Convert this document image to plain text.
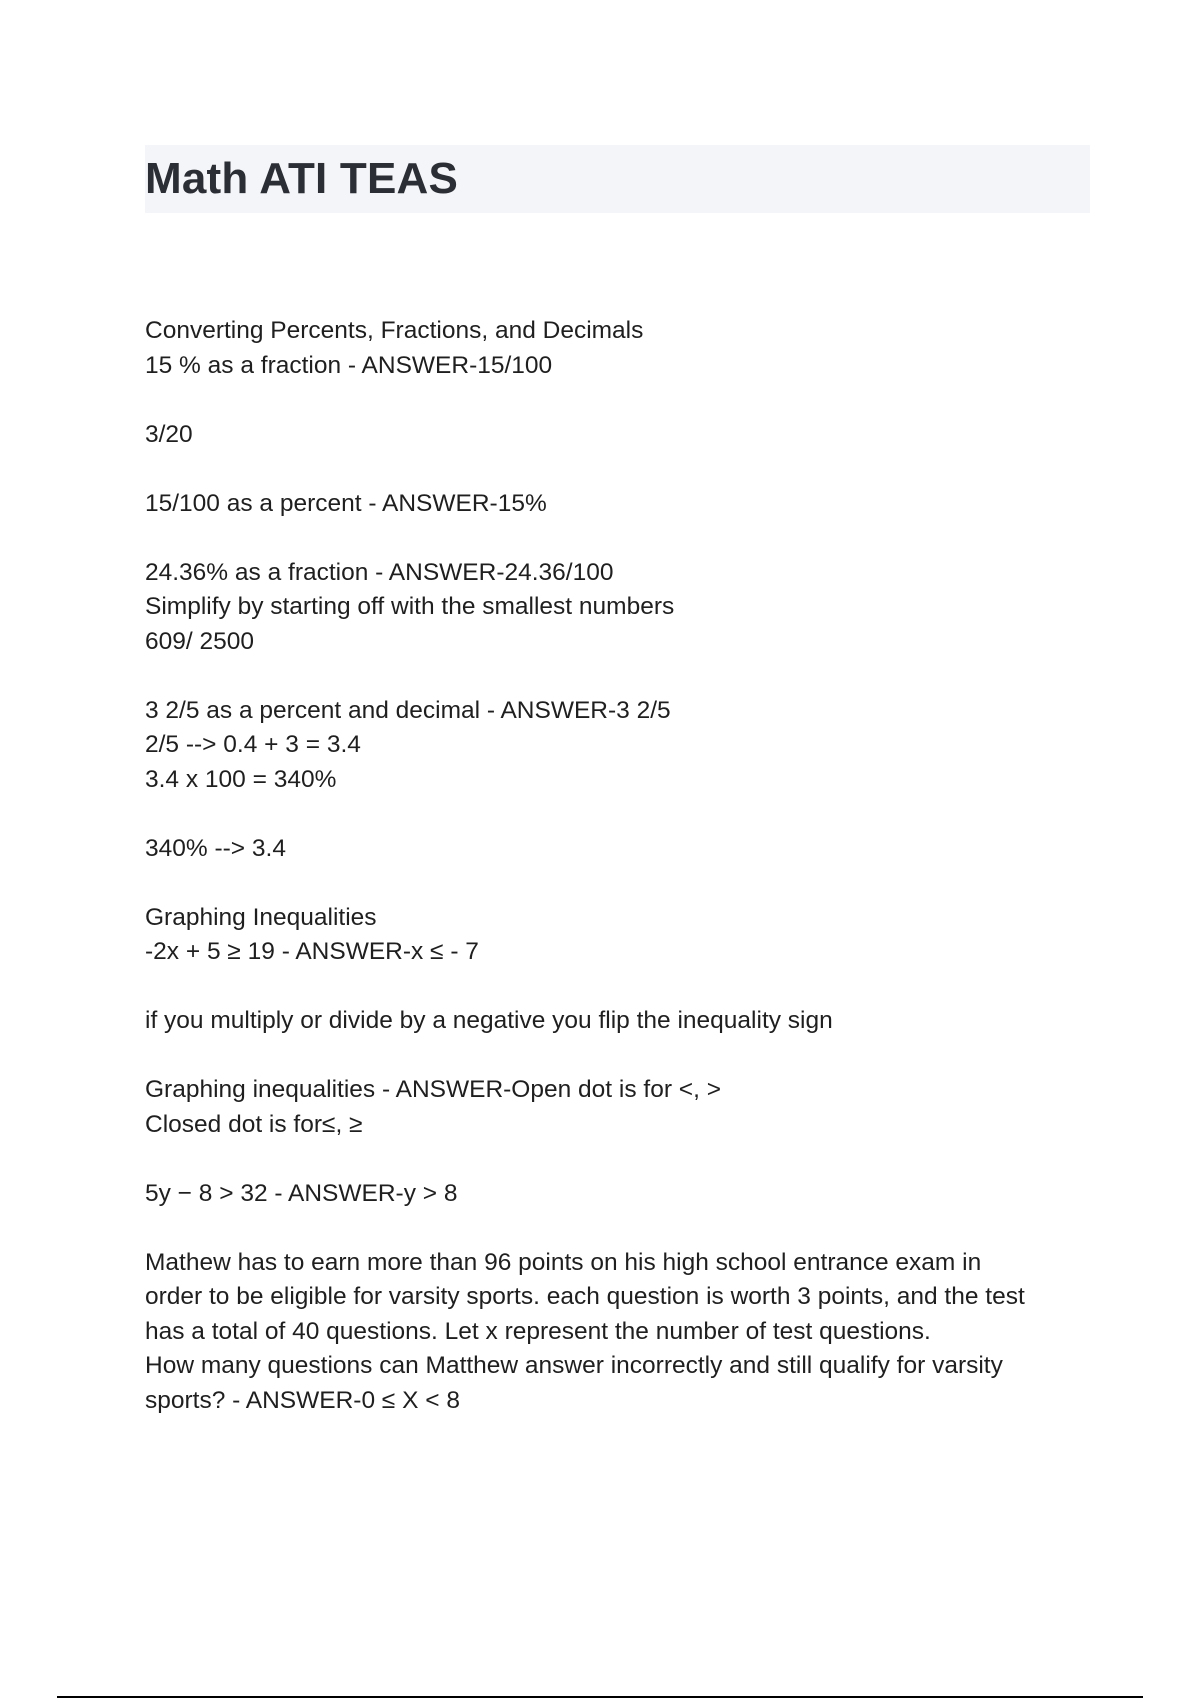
Math ATI TEAS
Converting Percents, Fractions, and Decimals
15 % as a fraction - ANSWER-15/100
3/20
15/100 as a percent - ANSWER-15%
24.36% as a fraction - ANSWER-24.36/100
Simplify by starting off with the smallest numbers
609/ 2500
3 2/5 as a percent and decimal - ANSWER-3 2/5
2/5 --> 0.4 + 3 = 3.4
3.4 x 100 = 340%
340% --> 3.4
Graphing Inequalities
-2x + 5 ≥ 19 - ANSWER-x ≤ - 7
if you multiply or divide by a negative you flip the inequality sign
Graphing inequalities - ANSWER-Open dot is for <, >
Closed dot is for≤, ≥
5y − 8 > 32 - ANSWER-y > 8
Mathew has to earn more than 96 points on his high school entrance exam in
order to be eligible for varsity sports. each question is worth 3 points, and the test
has a total of 40 questions. Let x represent the number of test questions.
How many questions can Matthew answer incorrectly and still qualify for varsity
sports? - ANSWER-0 ≤ X < 8
